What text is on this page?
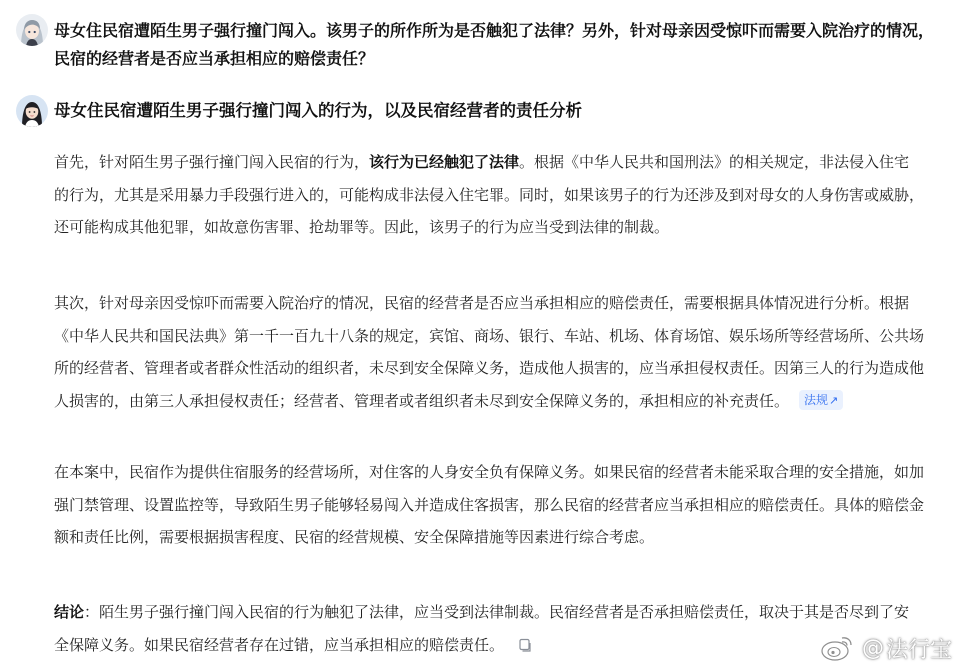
母女住民宿遭陌生男子强行撞门闯入。该男子的所作所为是否触犯了法律？另外，针对母亲因受惊吓而需要入院治疗的情况，民宿的经营者是否应当承担相应的赔偿责任？
母女住民宿遭陌生男子强行撞门闯入的行为，以及民宿经营者的责任分析
首先，针对陌生男子强行撞门闯入民宿的行为，该行为已经触犯了法律。根据《中华人民共和国刑法》的相关规定，非法侵入住宅的行为，尤其是采用暴力手段强行进入的，可能构成非法侵入住宅罪。同时，如果该男子的行为还涉及到对母女的人身伤害或威胁，还可能构成其他犯罪，如故意伤害罪、抢劫罪等。因此，该男子的行为应当受到法律的制裁。
其次，针对母亲因受惊吓而需要入院治疗的情况，民宿的经营者是否应当承担相应的赔偿责任，需要根据具体情况进行分析。根据《中华人民共和国民法典》第一千一百九十八条的规定，宾馆、商场、银行、车站、机场、体育场馆、娱乐场所等经营场所、公共场所的经营者、管理者或者群众性活动的组织者，未尽到安全保障义务，造成他人损害的，应当承担侵权责任。因第三人的行为造成他人损害的，由第三人承担侵权责任；经营者、管理者或者组织者未尽到安全保障义务的，承担相应的补充责任。 法规↗
在本案中，民宿作为提供住宿服务的经营场所，对住客的人身安全负有保障义务。如果民宿的经营者未能采取合理的安全措施，如加强门禁管理、设置监控等，导致陌生男子能够轻易闯入并造成住客损害，那么民宿的经营者应当承担相应的赔偿责任。具体的赔偿金额和责任比例，需要根据损害程度、民宿的经营规模、安全保障措施等因素进行综合考虑。
结论：陌生男子强行撞门闯入民宿的行为触犯了法律，应当受到法律制裁。民宿经营者是否承担赔偿责任，取决于其是否尽到了安全保障义务。如果民宿经营者存在过错，应当承担相应的赔偿责任。	@ 法行宝
